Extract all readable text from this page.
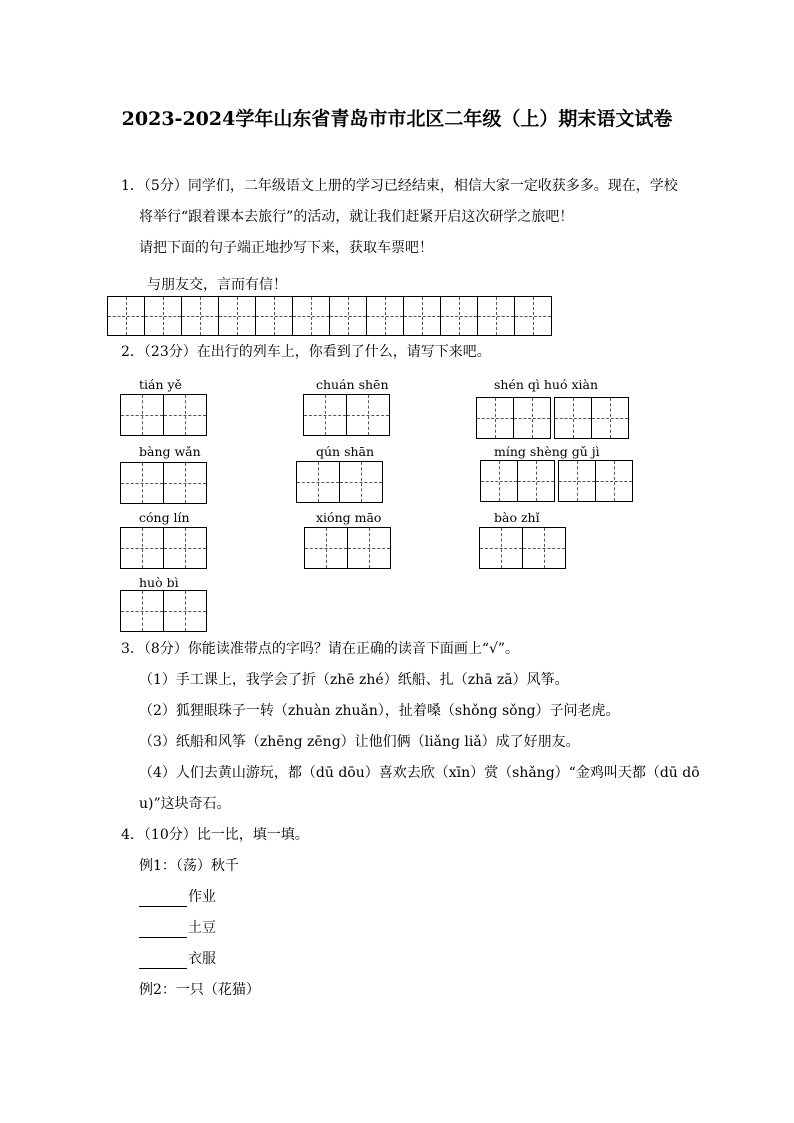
2023-2024学年山东省青岛市市北区二年级（上）期末语文试卷
1．（5分）同学们，二年级语文上册的学习已经结束，相信大家一定收获多多。现在，学校
将举行“跟着课本去旅行”的活动，就让我们赶紧开启这次研学之旅吧！
请把下面的句子端正地抄写下来，获取车票吧！
与朋友交，言而有信！
2．（23分）在出行的列车上，你看到了什么，请写下来吧。
tián yě	chuán shēn	shén qì huó xiàn
bàng wǎn	qún shān	míng shèng gǔ jì
cóng lín	xióng māo	bào zhǐ
huò bì
3．（8分）你能读准带点的字吗？请在正确的读音下面画上“√”。
（1）手工课上，我学会了折（zhē zhé）纸船、扎（zhā zā）风筝。
（2）狐狸眼珠子一转（zhuàn zhuǎn），扯着嗓（shǒng sǒng）子问老虎。
（3）纸船和风筝（zhēng zēng）让他们俩（liǎng liǎ）成了好朋友。
（4）人们去黄山游玩，都（dū dōu）喜欢去欣（xīn）赏（shǎng）“金鸡叫天都（dū dō
u)”这块奇石。
4．（10分）比一比，填一填。
例1：（荡）秋千
作业
土豆
衣服
例2：一只（花猫）
